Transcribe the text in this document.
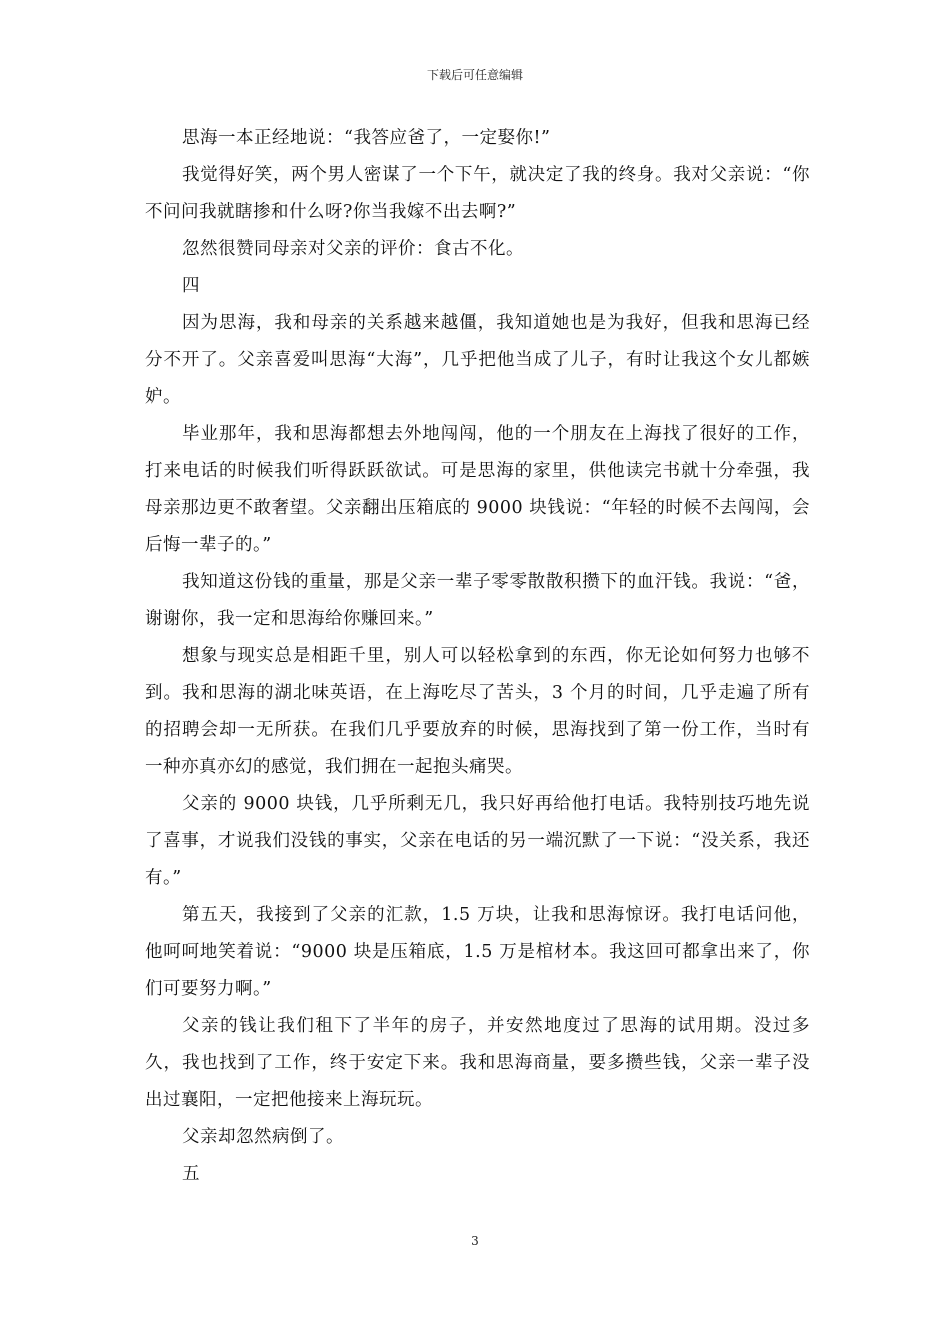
下载后可任意编辑

思海一本正经地说：“我答应爸了，一定娶你!”

我觉得好笑，两个男人密谋了一个下午，就决定了我的终身。我对父亲说：“你不问问我就瞎掺和什么呀?你当我嫁不出去啊?”

忽然很赞同母亲对父亲的评价：食古不化。

四

因为思海，我和母亲的关系越来越僵，我知道她也是为我好，但我和思海已经分不开了。父亲喜爱叫思海“大海”，几乎把他当成了儿子，有时让我这个女儿都嫉妒。

毕业那年，我和思海都想去外地闯闯，他的一个朋友在上海找了很好的工作，打来电话的时候我们听得跃跃欲试。可是思海的家里，供他读完书就十分牵强，我母亲那边更不敢奢望。父亲翻出压箱底的 9000 块钱说：“年轻的时候不去闯闯，会后悔一辈子的。”

我知道这份钱的重量，那是父亲一辈子零零散散积攒下的血汗钱。我说：“爸，谢谢你，我一定和思海给你赚回来。”

想象与现实总是相距千里，别人可以轻松拿到的东西，你无论如何努力也够不到。我和思海的湖北味英语，在上海吃尽了苦头，3 个月的时间，几乎走遍了所有的招聘会却一无所获。在我们几乎要放弃的时候，思海找到了第一份工作，当时有一种亦真亦幻的感觉，我们拥在一起抱头痛哭。

父亲的 9000 块钱，几乎所剩无几，我只好再给他打电话。我特别技巧地先说了喜事，才说我们没钱的事实，父亲在电话的另一端沉默了一下说：“没关系，我还有。”

第五天，我接到了父亲的汇款，1.5 万块，让我和思海惊讶。我打电话问他，他呵呵地笑着说：“9000 块是压箱底，1.5 万是棺材本。我这回可都拿出来了，你们可要努力啊。”

父亲的钱让我们租下了半年的房子，并安然地度过了思海的试用期。没过多久，我也找到了工作，终于安定下来。我和思海商量，要多攒些钱，父亲一辈子没出过襄阳，一定把他接来上海玩玩。

父亲却忽然病倒了。

五

3
